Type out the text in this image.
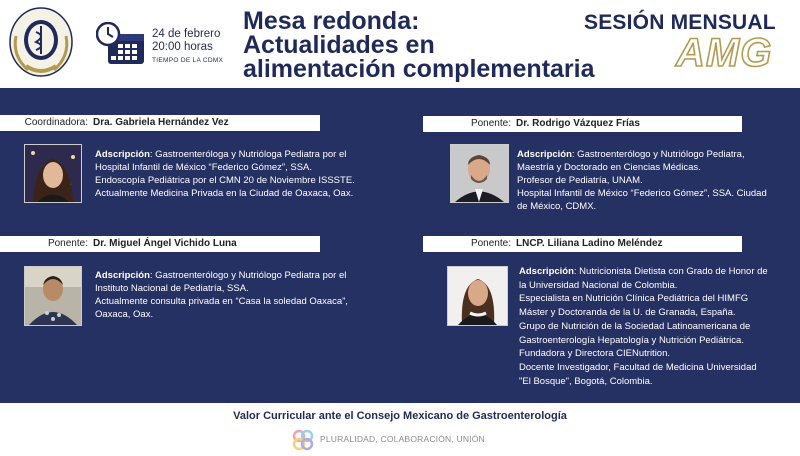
24 de febrero
20:00 horas
TIEMPO DE LA CDMX
Mesa redonda:
Actualidades en
alimentación complementaria
SESIÓN MENSUAL
AMG
Coordinadora: Dra. Gabriela Hernández Vez
Adscripción: Gastroenteróloga y Nutrióloga Pediatra por el
Hospital Infantil de México “Federico Gómez”, SSA.
Endoscopía Pediátrica por el CMN 20 de Noviembre ISSSTE.
Actualmente Medicina Privada en la Ciudad de Oaxaca, Oax.
Ponente: Dr. Rodrigo Vázquez Frías
Adscripción: Gastroenterólogo y Nutriólogo Pediatra,
Maestría y Doctorado en Ciencias Médicas.
Profesor de Pediatría, UNAM.
Hospital Infantil de México “Federico Gómez”, SSA. Ciudad
de México, CDMX.
Ponente: Dr. Miguel Ángel Vichido Luna
Adscripción: Gastroenterólogo y Nutriólogo Pediatra por el
Instituto Nacional de Pediatría, SSA.
Actualmente consulta privada en “Casa la soledad Oaxaca”,
Oaxaca, Oax.
Ponente: LNCP. Liliana Ladino Meléndez
Adscripción: Nutricionista Dietista con Grado de Honor de
la Universidad Nacional de Colombia.
Especialista en Nutrición Clínica Pediátrica del HIMFG
Máster y Doctoranda de la U. de Granada, España.
Grupo de Nutrición de la Sociedad Latinoamericana de
Gastroenterología Hepatología y Nutrición Pediátrica.
Fundadora y Directora CIENutrition.
Docente Investigador, Facultad de Medicina Universidad
"El Bosque", Bogotá, Colombia.
Valor Curricular ante el Consejo Mexicano de Gastroenterología
PLURALIDAD, COLABORACIÓN, UNIÓN
